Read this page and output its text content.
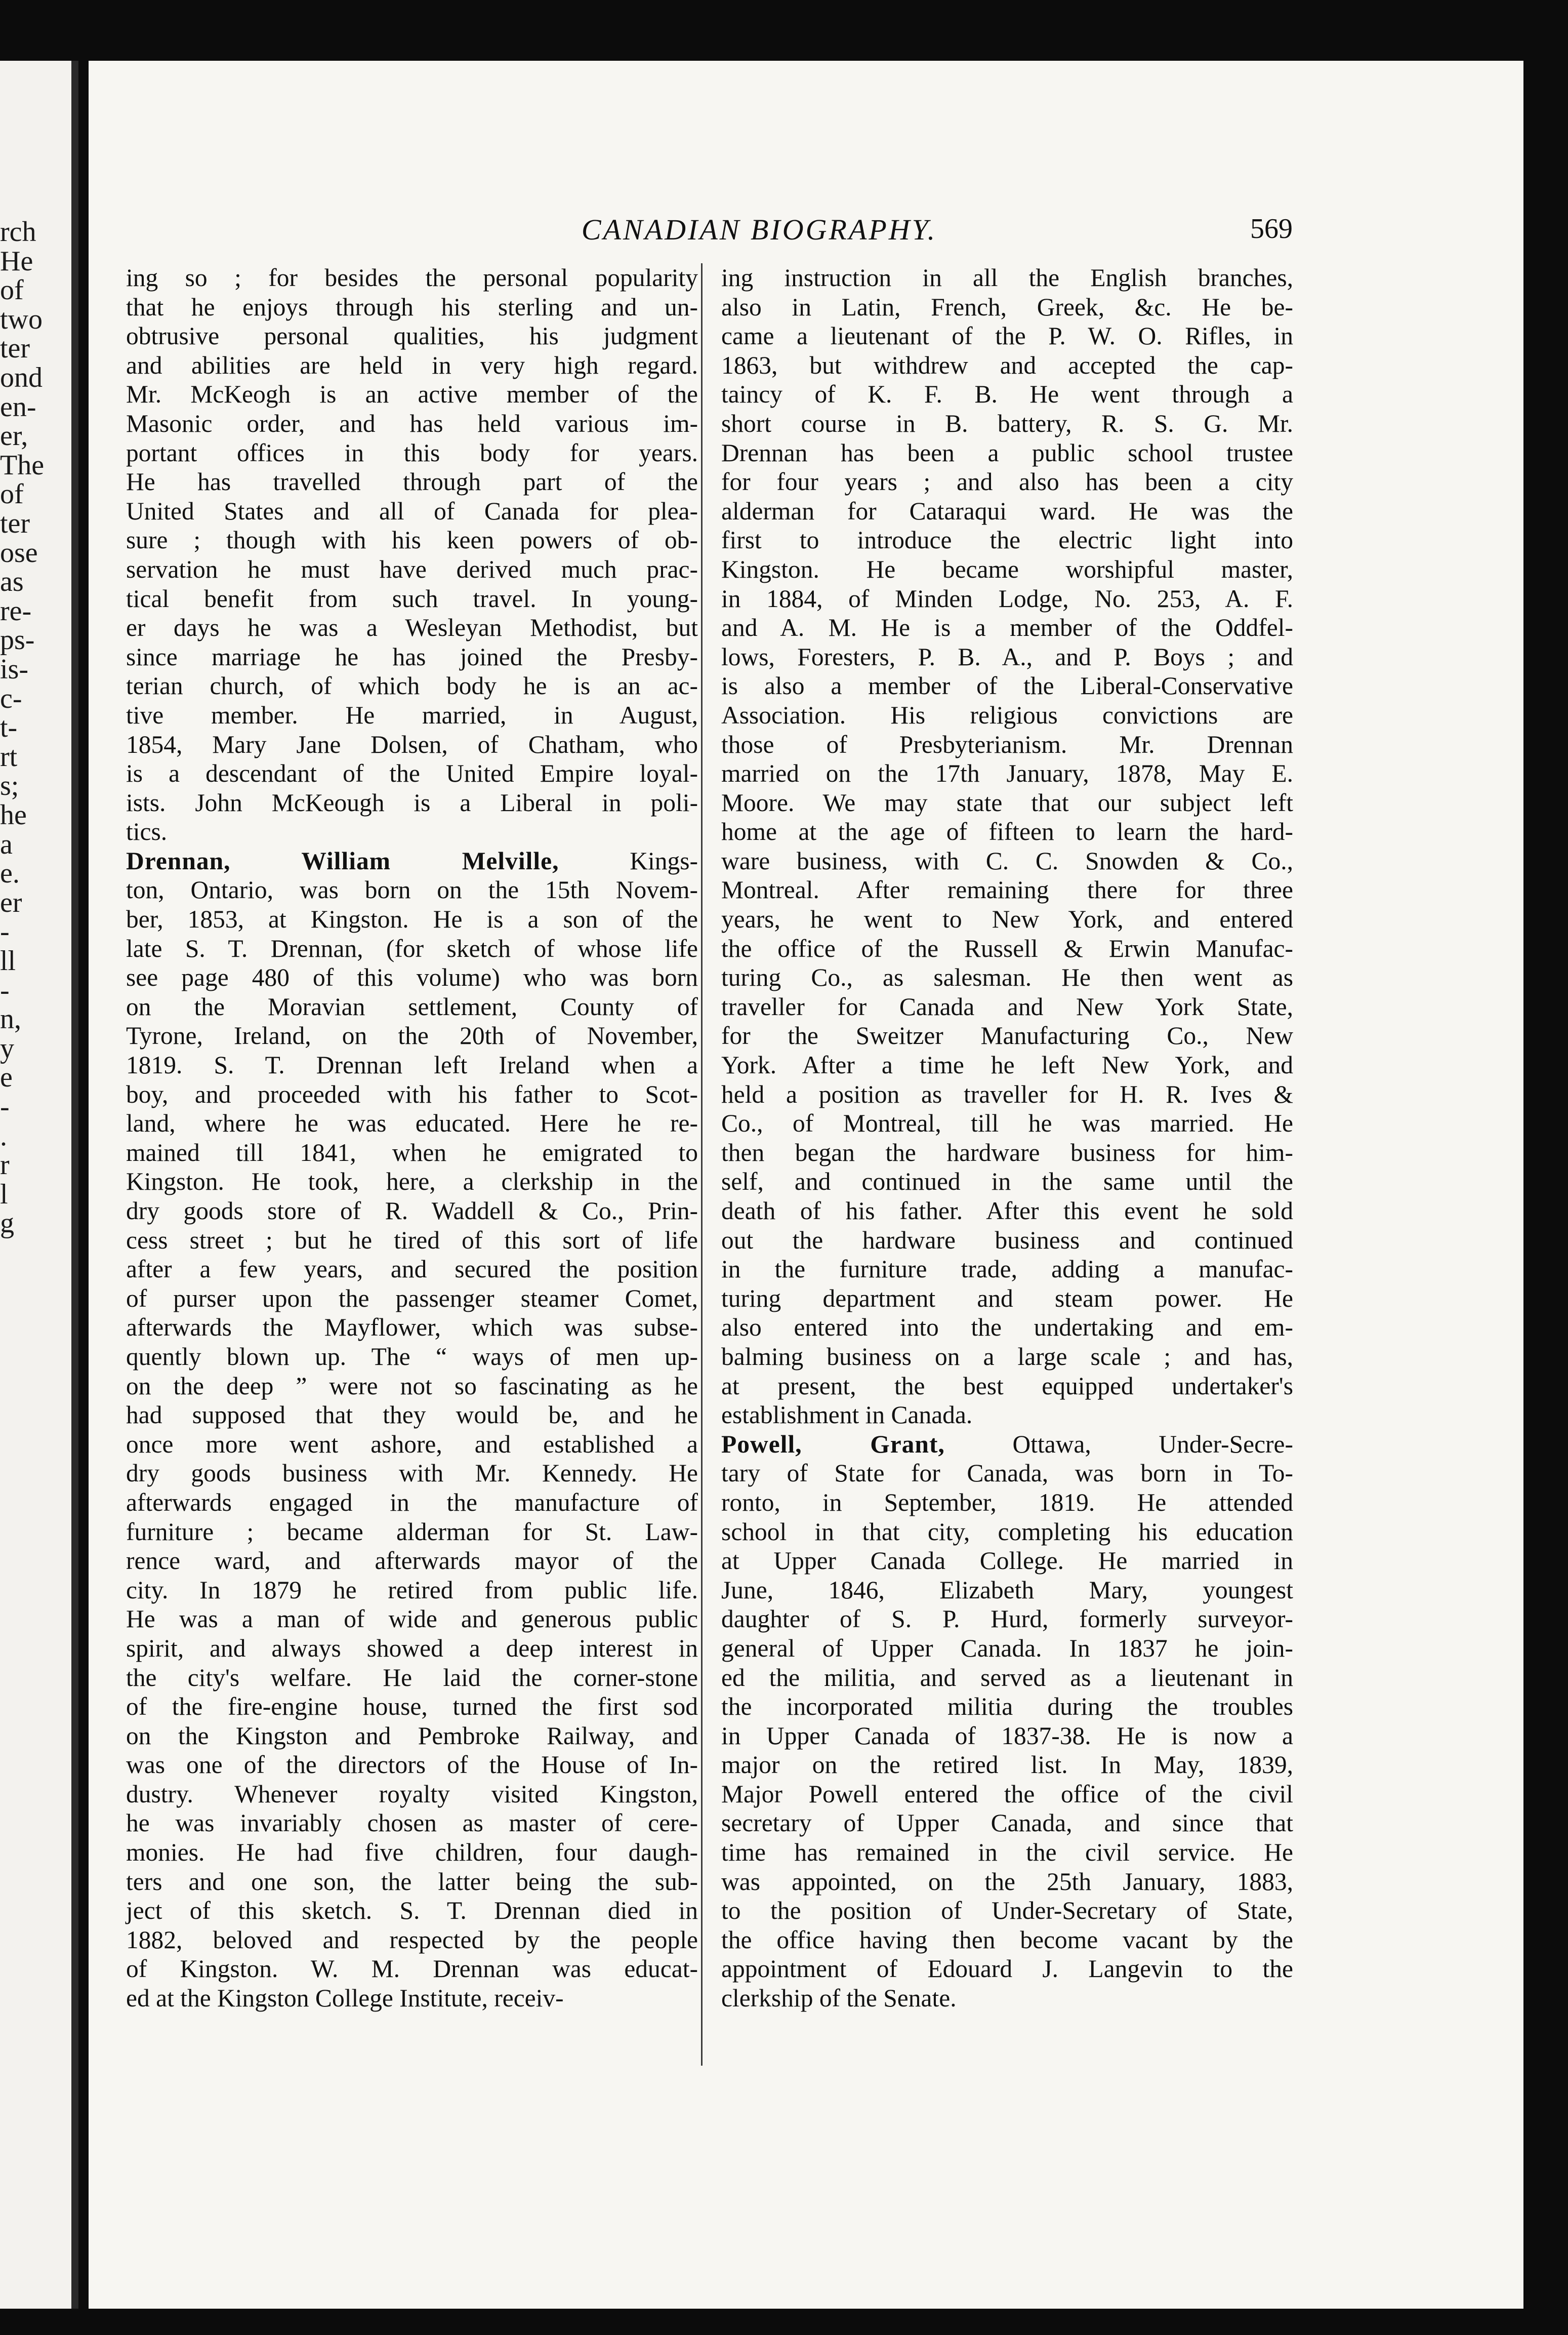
rch
He
of
two
ter
ond
en-
er,
The
of
ter
ose
as
re-
ps-
is-
c-
t-
rt
s;
he
a
e.
er
-
ll
-
n,
y
e
-
.
r
l
g
CANADIAN BIOGRAPHY.	569
ing so ; for besides the personal popularity
that he enjoys through his sterling and un-
obtrusive personal qualities, his judgment
and abilities are held in very high regard.
Mr. McKeogh is an active member of the
Masonic order, and has held various im-
portant offices in this body for years.
He has travelled through part of the
United States and all of Canada for plea-
sure ; though with his keen powers of ob-
servation he must have derived much prac-
tical benefit from such travel. In young-
er days he was a Wesleyan Methodist, but
since marriage he has joined the Presby-
terian church, of which body he is an ac-
tive member. He married, in August,
1854, Mary Jane Dolsen, of Chatham, who
is a descendant of the United Empire loyal-
ists. John McKeough is a Liberal in poli-
tics.
Drennan, William Melville, Kings-
ton, Ontario, was born on the 15th Novem-
ber, 1853, at Kingston. He is a son of the
late S. T. Drennan, (for sketch of whose life
see page 480 of this volume) who was born
on the Moravian settlement, County of
Tyrone, Ireland, on the 20th of November,
1819. S. T. Drennan left Ireland when a
boy, and proceeded with his father to Scot-
land, where he was educated. Here he re-
mained till 1841, when he emigrated to
Kingston. He took, here, a clerkship in the
dry goods store of R. Waddell & Co., Prin-
cess street ; but he tired of this sort of life
after a few years, and secured the position
of purser upon the passenger steamer Comet,
afterwards the Mayflower, which was subse-
quently blown up. The “ ways of men up-
on the deep ” were not so fascinating as he
had supposed that they would be, and he
once more went ashore, and established a
dry goods business with Mr. Kennedy. He
afterwards engaged in the manufacture of
furniture ; became alderman for St. Law-
rence ward, and afterwards mayor of the
city. In 1879 he retired from public life.
He was a man of wide and generous public
spirit, and always showed a deep interest in
the city's welfare. He laid the corner-stone
of the fire-engine house, turned the first sod
on the Kingston and Pembroke Railway, and
was one of the directors of the House of In-
dustry. Whenever royalty visited Kingston,
he was invariably chosen as master of cere-
monies. He had five children, four daugh-
ters and one son, the latter being the sub-
ject of this sketch. S. T. Drennan died in
1882, beloved and respected by the people
of Kingston. W. M. Drennan was educat-
ed at the Kingston College Institute, receiv-
ing instruction in all the English branches,
also in Latin, French, Greek, &c. He be-
came a lieutenant of the P. W. O. Rifles, in
1863, but withdrew and accepted the cap-
taincy of K. F. B. He went through a
short course in B. battery, R. S. G. Mr.
Drennan has been a public school trustee
for four years ; and also has been a city
alderman for Cataraqui ward. He was the
first to introduce the electric light into
Kingston. He became worshipful master,
in 1884, of Minden Lodge, No. 253, A. F.
and A. M. He is a member of the Oddfel-
lows, Foresters, P. B. A., and P. Boys ; and
is also a member of the Liberal-Conservative
Association. His religious convictions are
those of Presbyterianism. Mr. Drennan
married on the 17th January, 1878, May E.
Moore. We may state that our subject left
home at the age of fifteen to learn the hard-
ware business, with C. C. Snowden & Co.,
Montreal. After remaining there for three
years, he went to New York, and entered
the office of the Russell & Erwin Manufac-
turing Co., as salesman. He then went as
traveller for Canada and New York State,
for the Sweitzer Manufacturing Co., New
York. After a time he left New York, and
held a position as traveller for H. R. Ives &
Co., of Montreal, till he was married. He
then began the hardware business for him-
self, and continued in the same until the
death of his father. After this event he sold
out the hardware business and continued
in the furniture trade, adding a manufac-
turing department and steam power. He
also entered into the undertaking and em-
balming business on a large scale ; and has,
at present, the best equipped undertaker's
establishment in Canada.
Powell, Grant, Ottawa, Under-Secre-
tary of State for Canada, was born in To-
ronto, in September, 1819. He attended
school in that city, completing his education
at Upper Canada College. He married in
June, 1846, Elizabeth Mary, youngest
daughter of S. P. Hurd, formerly surveyor-
general of Upper Canada. In 1837 he join-
ed the militia, and served as a lieutenant in
the incorporated militia during the troubles
in Upper Canada of 1837-38. He is now a
major on the retired list. In May, 1839,
Major Powell entered the office of the civil
secretary of Upper Canada, and since that
time has remained in the civil service. He
was appointed, on the 25th January, 1883,
to the position of Under-Secretary of State,
the office having then become vacant by the
appointment of Edouard J. Langevin to the
clerkship of the Senate.
